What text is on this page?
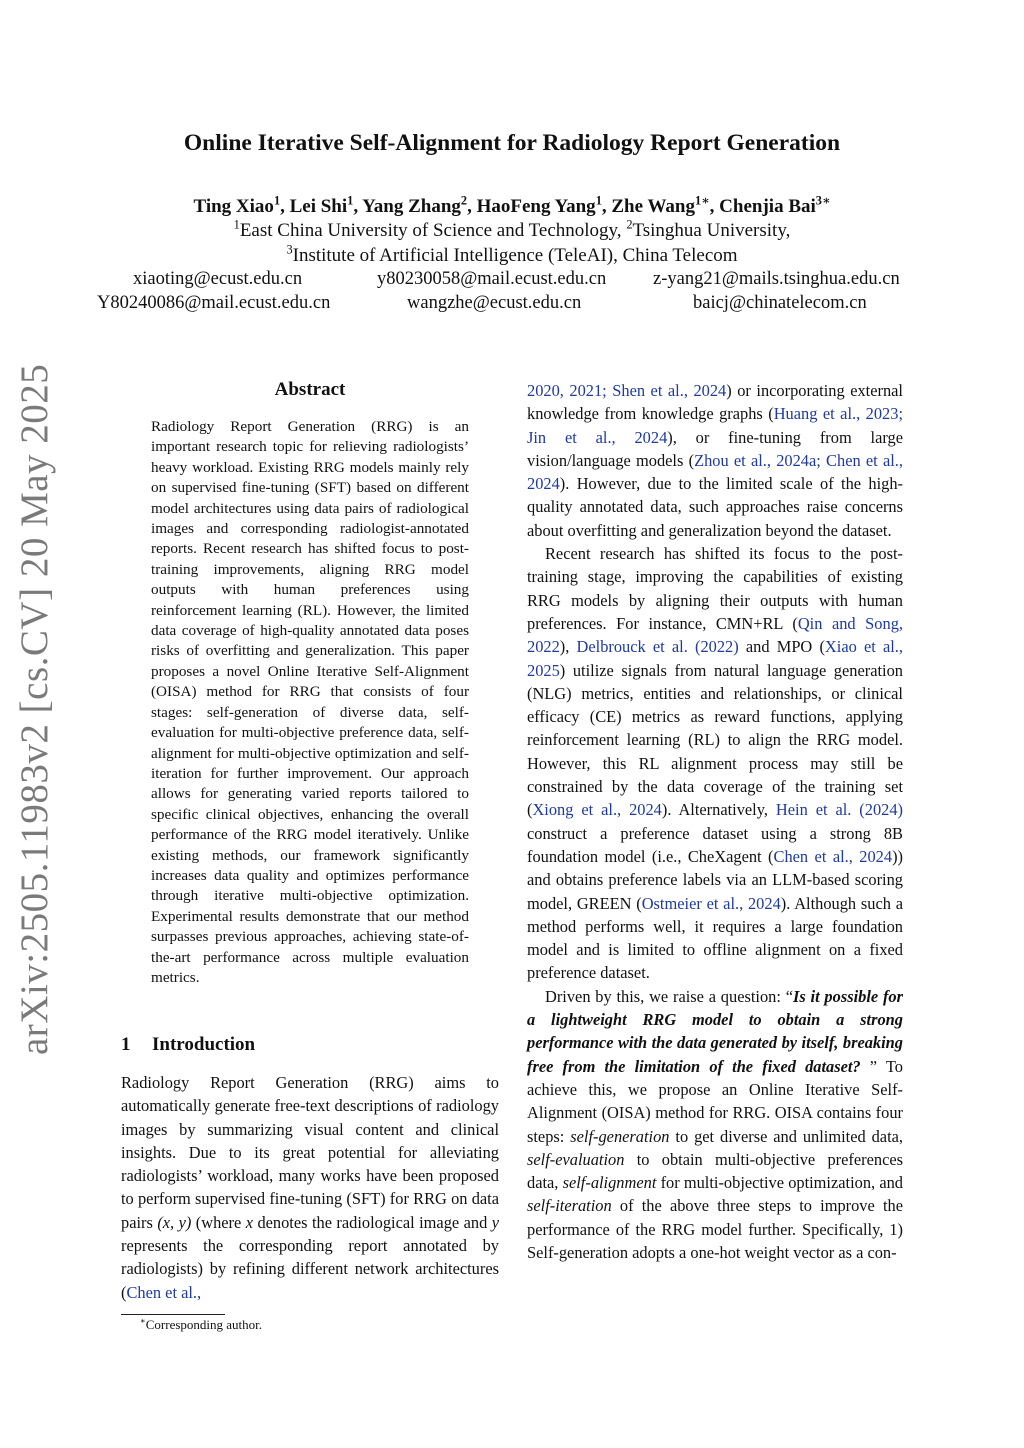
arXiv:2505.11983v2 [cs.CV] 20 May 2025
Online Iterative Self-Alignment for Radiology Report Generation
Ting Xiao$^1$, Lei Shi$^1$, Yang Zhang$^2$, HaoFeng Yang$^1$, Zhe Wang$^{1∗}$, Chenjia Bai$^{3∗}$
$^1$East China University of Science and Technology, $^2$Tsinghua University,
$^3$Institute of Artificial Intelligence (TeleAI), China Telecom
xiaoting@ecust.edu.cn	y80230058@mail.ecust.edu.cn	z-yang21@mails.tsinghua.edu.cn
Y80240086@mail.ecust.edu.cn	wangzhe@ecust.edu.cn	baicj@chinatelecom.cn
Abstract
Radiology Report Generation (RRG) is an important research topic for relieving radiologists’ heavy workload. Existing RRG models mainly rely on supervised fine-tuning (SFT) based on different model architectures using data pairs of radiological images and corresponding radiologist-annotated reports. Recent research has shifted focus to post-training improvements, aligning RRG model outputs with human preferences using reinforcement learning (RL). However, the limited data coverage of high-quality annotated data poses risks of overfitting and generalization. This paper proposes a novel Online Iterative Self-Alignment (OISA) method for RRG that consists of four stages: self-generation of diverse data, self-evaluation for multi-objective preference data, self-alignment for multi-objective optimization and self-iteration for further improvement. Our approach allows for generating varied reports tailored to specific clinical objectives, enhancing the overall performance of the RRG model iteratively. Unlike existing methods, our framework significantly increases data quality and optimizes performance through iterative multi-objective optimization. Experimental results demonstrate that our method surpasses previous approaches, achieving state-of-the-art performance across multiple evaluation metrics.
1 Introduction
Radiology Report Generation (RRG) aims to automatically generate free-text descriptions of radiology images by summarizing visual content and clinical insights. Due to its great potential for alleviating radiologists’ workload, many works have been proposed to perform supervised fine-tuning (SFT) for RRG on data pairs (x, y) (where x denotes the radiological image and y represents the corresponding report annotated by radiologists) by refining different network architectures (Chen et al.,

2020, 2021; Shen et al., 2024) or incorporating external knowledge from knowledge graphs (Huang et al., 2023; Jin et al., 2024), or fine-tuning from large vision/language models (Zhou et al., 2024a; Chen et al., 2024). However, due to the limited scale of the high-quality annotated data, such approaches raise concerns about overfitting and generalization beyond the dataset.

Recent research has shifted its focus to the post-training stage, improving the capabilities of existing RRG models by aligning their outputs with human preferences. For instance, CMN+RL (Qin and Song, 2022), Delbrouck et al. (2022) and MPO (Xiao et al., 2025) utilize signals from natural language generation (NLG) metrics, entities and relationships, or clinical efficacy (CE) metrics as reward functions, applying reinforcement learning (RL) to align the RRG model. However, this RL alignment process may still be constrained by the data coverage of the training set (Xiong et al., 2024). Alternatively, Hein et al. (2024) construct a preference dataset using a strong 8B foundation model (i.e., CheXagent (Chen et al., 2024)) and obtains preference labels via an LLM-based scoring model, GREEN (Ostmeier et al., 2024). Although such a method performs well, it requires a large foundation model and is limited to offline alignment on a fixed preference dataset.

Driven by this, we raise a question: “Is it possible for a lightweight RRG model to obtain a strong performance with the data generated by itself, breaking free from the limitation of the fixed dataset? ” To achieve this, we propose an Online Iterative Self-Alignment (OISA) method for RRG. OISA contains four steps: self-generation to get diverse and unlimited data, self-evaluation to obtain multi-objective preferences data, self-alignment for multi-objective optimization, and self-iteration of the above three steps to improve the performance of the RRG model further. Specifically, 1) Self-generation adopts a one-hot weight vector as a con-

∗Corresponding author.
